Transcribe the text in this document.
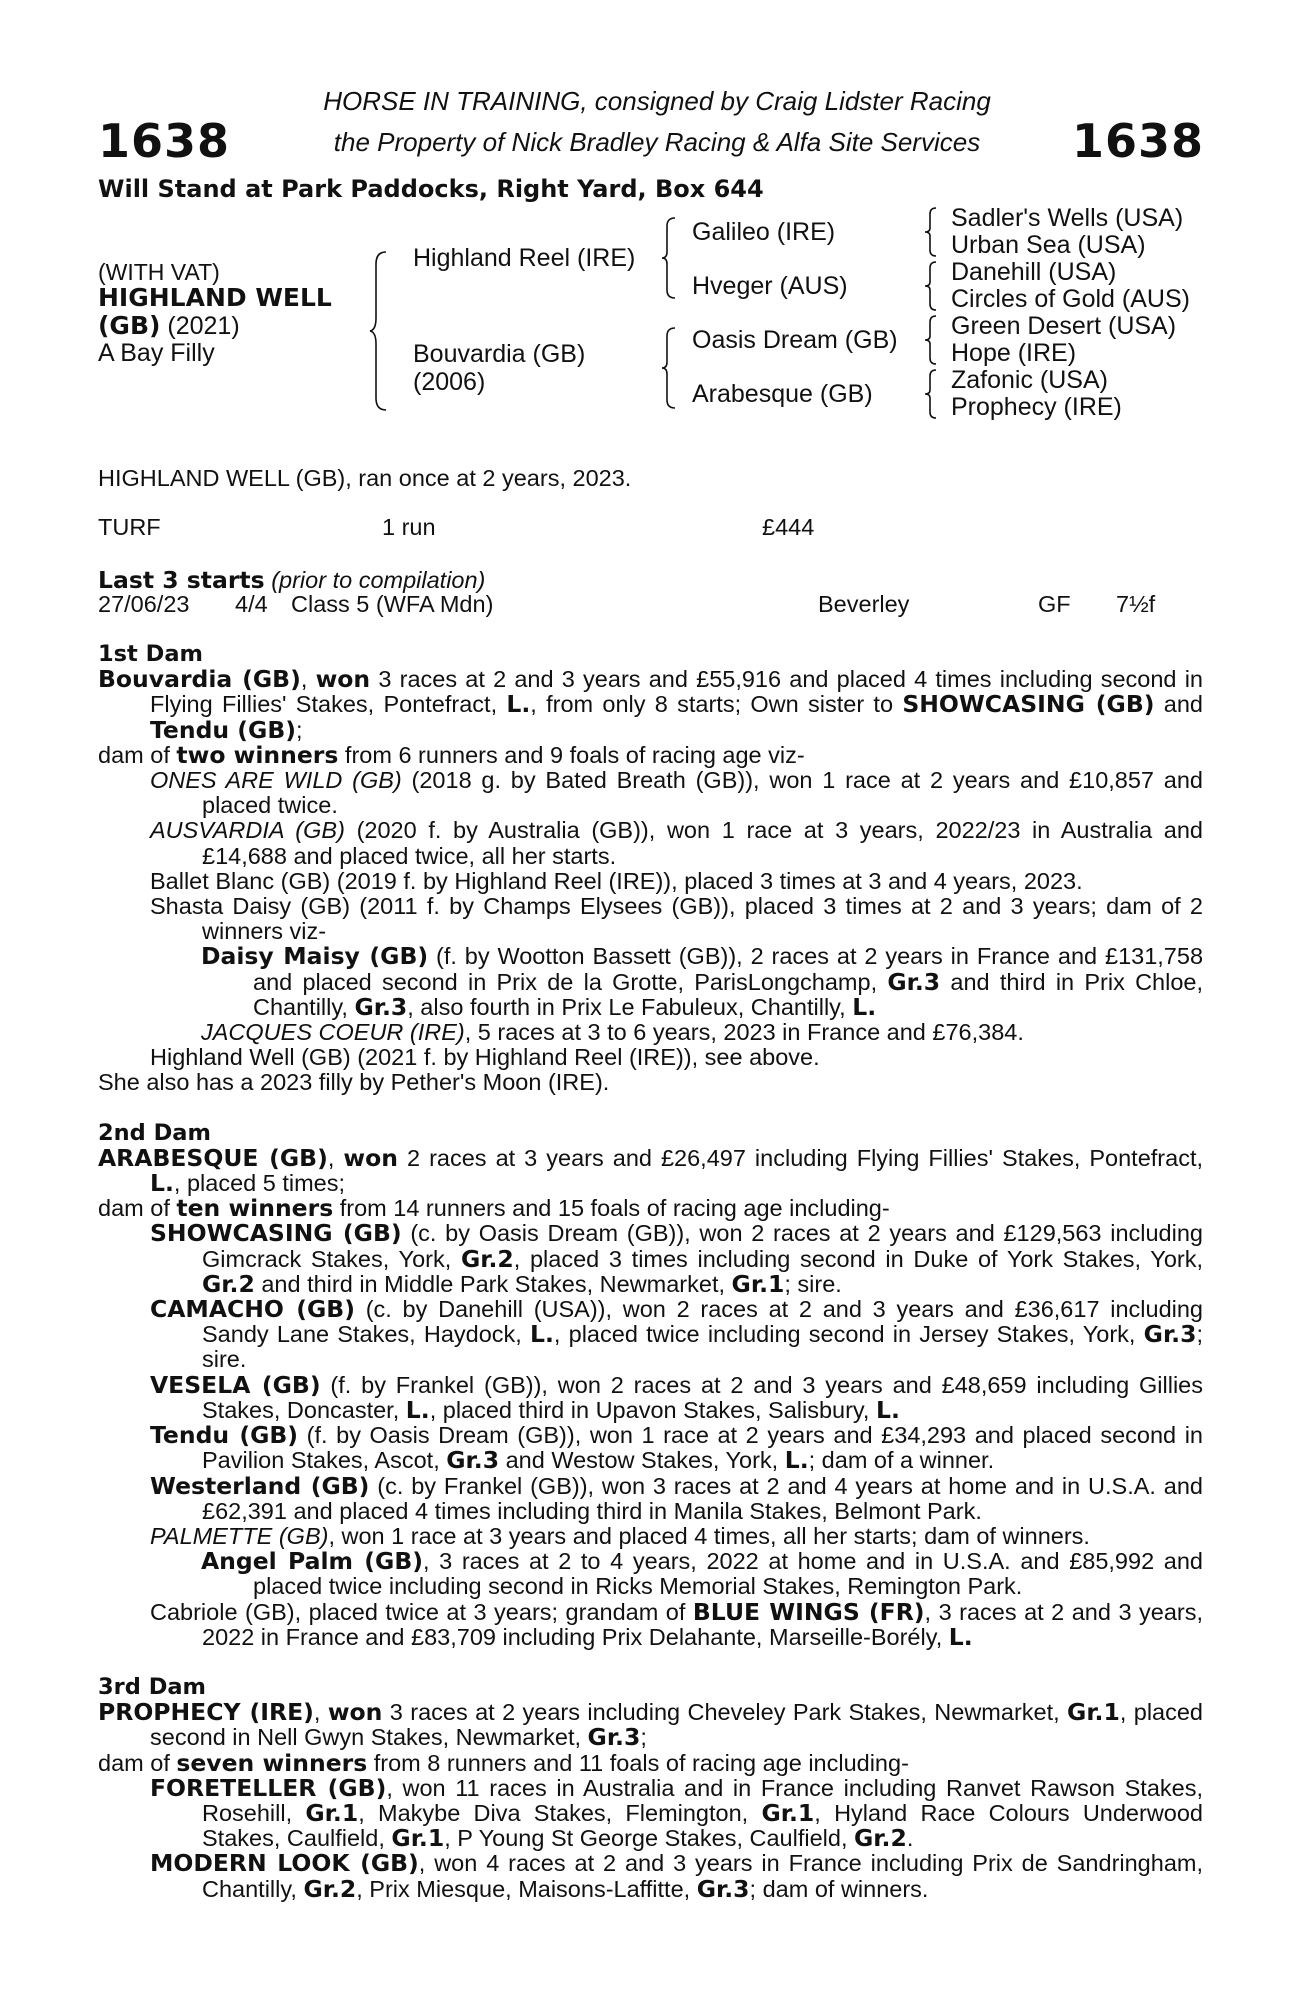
1638	1638
HORSE IN TRAINING, consigned by Craig Lidster Racing
the Property of Nick Bradley Racing & Alfa Site Services
Will Stand at Park Paddocks, Right Yard, Box 644
(WITH VAT)
HIGHLAND WELL
(GB) (2021)
A Bay Filly
Highland Reel (IRE)
Bouvardia (GB)
(2006)
Galileo (IRE)
Hveger (AUS)
Oasis Dream (GB)
Arabesque (GB)
Sadler's Wells (USA)
Urban Sea (USA)
Danehill (USA)
Circles of Gold (AUS)
Green Desert (USA)
Hope (IRE)
Zafonic (USA)
Prophecy (IRE)
HIGHLAND WELL (GB), ran once at 2 years, 2023.
TURF	1 run	£444
Last 3 starts (prior to compilation)
27/06/23 4/4 Class 5 (WFA Mdn)	Beverley	GF 7½f

1st Dam

Bouvardia (GB), won 3 races at 2 and 3 years and £55,916 and placed 4 times including second in Flying Fillies' Stakes, Pontefract, L., from only 8 starts; Own sister to SHOWCASING (GB) and Tendu (GB);

dam of two winners from 6 runners and 9 foals of racing age viz-

ONES ARE WILD (GB) (2018 g. by Bated Breath (GB)), won 1 race at 2 years and £10,857 and placed twice.

AUSVARDIA (GB) (2020 f. by Australia (GB)), won 1 race at 3 years, 2022/23 in Australia and £14,688 and placed twice, all her starts.

Ballet Blanc (GB) (2019 f. by Highland Reel (IRE)), placed 3 times at 3 and 4 years, 2023.

Shasta Daisy (GB) (2011 f. by Champs Elysees (GB)), placed 3 times at 2 and 3 years; dam of 2 winners viz-

Daisy Maisy (GB) (f. by Wootton Bassett (GB)), 2 races at 2 years in France and £131,758 and placed second in Prix de la Grotte, ParisLongchamp, Gr.3 and third in Prix Chloe, Chantilly, Gr.3, also fourth in Prix Le Fabuleux, Chantilly, L.

JACQUES COEUR (IRE), 5 races at 3 to 6 years, 2023 in France and £76,384.

Highland Well (GB) (2021 f. by Highland Reel (IRE)), see above.

She also has a 2023 filly by Pether's Moon (IRE).

2nd Dam

ARABESQUE (GB), won 2 races at 3 years and £26,497 including Flying Fillies' Stakes, Pontefract, L., placed 5 times;

dam of ten winners from 14 runners and 15 foals of racing age including-

SHOWCASING (GB) (c. by Oasis Dream (GB)), won 2 races at 2 years and £129,563 including Gimcrack Stakes, York, Gr.2, placed 3 times including second in Duke of York Stakes, York, Gr.2 and third in Middle Park Stakes, Newmarket, Gr.1; sire.

CAMACHO (GB) (c. by Danehill (USA)), won 2 races at 2 and 3 years and £36,617 including Sandy Lane Stakes, Haydock, L., placed twice including second in Jersey Stakes, York, Gr.3; sire.

VESELA (GB) (f. by Frankel (GB)), won 2 races at 2 and 3 years and £48,659 including Gillies Stakes, Doncaster, L., placed third in Upavon Stakes, Salisbury, L.

Tendu (GB) (f. by Oasis Dream (GB)), won 1 race at 2 years and £34,293 and placed second in Pavilion Stakes, Ascot, Gr.3 and Westow Stakes, York, L.; dam of a winner.

Westerland (GB) (c. by Frankel (GB)), won 3 races at 2 and 4 years at home and in U.S.A. and £62,391 and placed 4 times including third in Manila Stakes, Belmont Park.

PALMETTE (GB), won 1 race at 3 years and placed 4 times, all her starts; dam of winners.

Angel Palm (GB), 3 races at 2 to 4 years, 2022 at home and in U.S.A. and £85,992 and placed twice including second in Ricks Memorial Stakes, Remington Park.

Cabriole (GB), placed twice at 3 years; grandam of BLUE WINGS (FR), 3 races at 2 and 3 years, 2022 in France and £83,709 including Prix Delahante, Marseille-Borély, L.

3rd Dam

PROPHECY (IRE), won 3 races at 2 years including Cheveley Park Stakes, Newmarket, Gr.1, placed second in Nell Gwyn Stakes, Newmarket, Gr.3;

dam of seven winners from 8 runners and 11 foals of racing age including-

FORETELLER (GB), won 11 races in Australia and in France including Ranvet Rawson Stakes, Rosehill, Gr.1, Makybe Diva Stakes, Flemington, Gr.1, Hyland Race Colours Underwood Stakes, Caulfield, Gr.1, P Young St George Stakes, Caulfield, Gr.2.

MODERN LOOK (GB), won 4 races at 2 and 3 years in France including Prix de Sandringham, Chantilly, Gr.2, Prix Miesque, Maisons-Laffitte, Gr.3; dam of winners.
